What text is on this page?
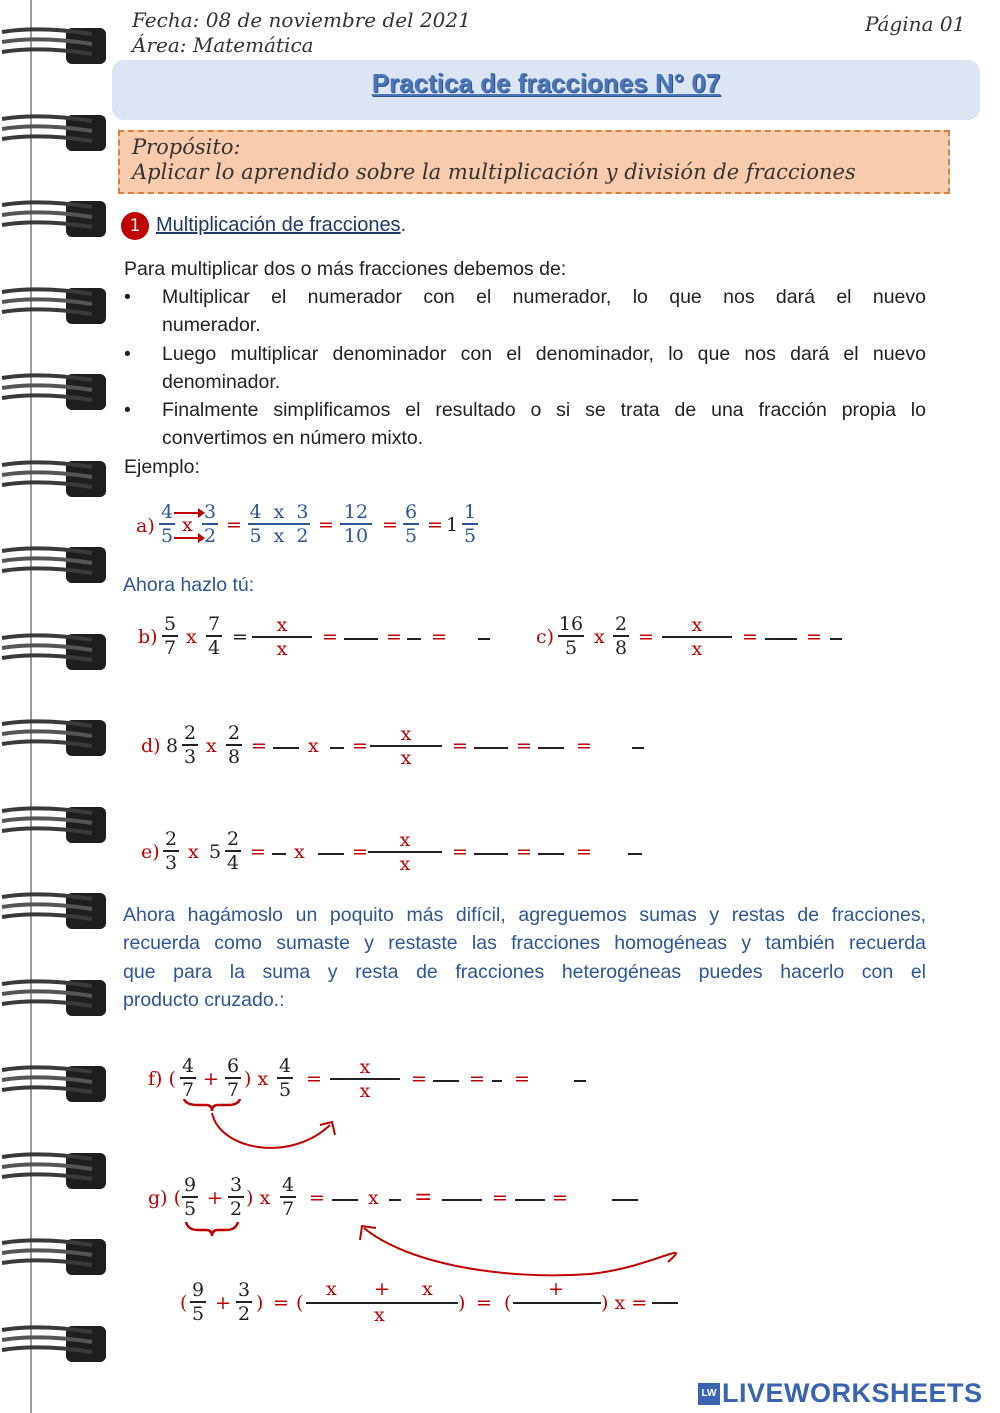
Fecha: 08 de noviembre del 2021
Área: Matemática
Página 01
Practica de fracciones N° 07
Propósito:
Aplicar lo aprendido sobre la multiplicación y división de fracciones
1 Multiplicación de fracciones.
Para multiplicar dos o más fracciones debemos de:
• Multiplicar el numerador con el numerador, lo que nos dará el nuevo
numerador.
• Luego multiplicar denominador con el denominador, lo que nos dará el nuevo
denominador.
• Finalmente simplificamos el resultado o si se trata de una fracción propia lo
convertimos en número mixto.
Ejemplo:
a)
4
5 x
3
2 =
4  x  3
5  x  2 =
12
10 =
6
5 = 1
1
5
Ahora hazlo tú:
b)
5
7 x
7
4 =
x
x
=	= =	c)
16
5 x
2
8 =
x
x
=	=
d) 8
2
3 x
2
8 = x =
x
x
=	= =
e)
2
3 x 5
2
4 = x =
x
x
=	= =
Ahora hagámoslo un poquito más difícil, agreguemos sumas y restas de fracciones,
recuerda como sumaste y restaste las fracciones homogéneas y también recuerda
que para la suma y resta de fracciones heterogéneas puedes hacerlo con el
producto cruzado.:
f) (
4
7 +
6
7 ) x
4
5 =
x
x
= = =
g) (
9
5 +
3
2 ) x
4
7 = x =	= =
(
9
5 +
3
2 ) = (
x + x
x
) = (
+
) x =
LW LIVEWORKSHEETS
